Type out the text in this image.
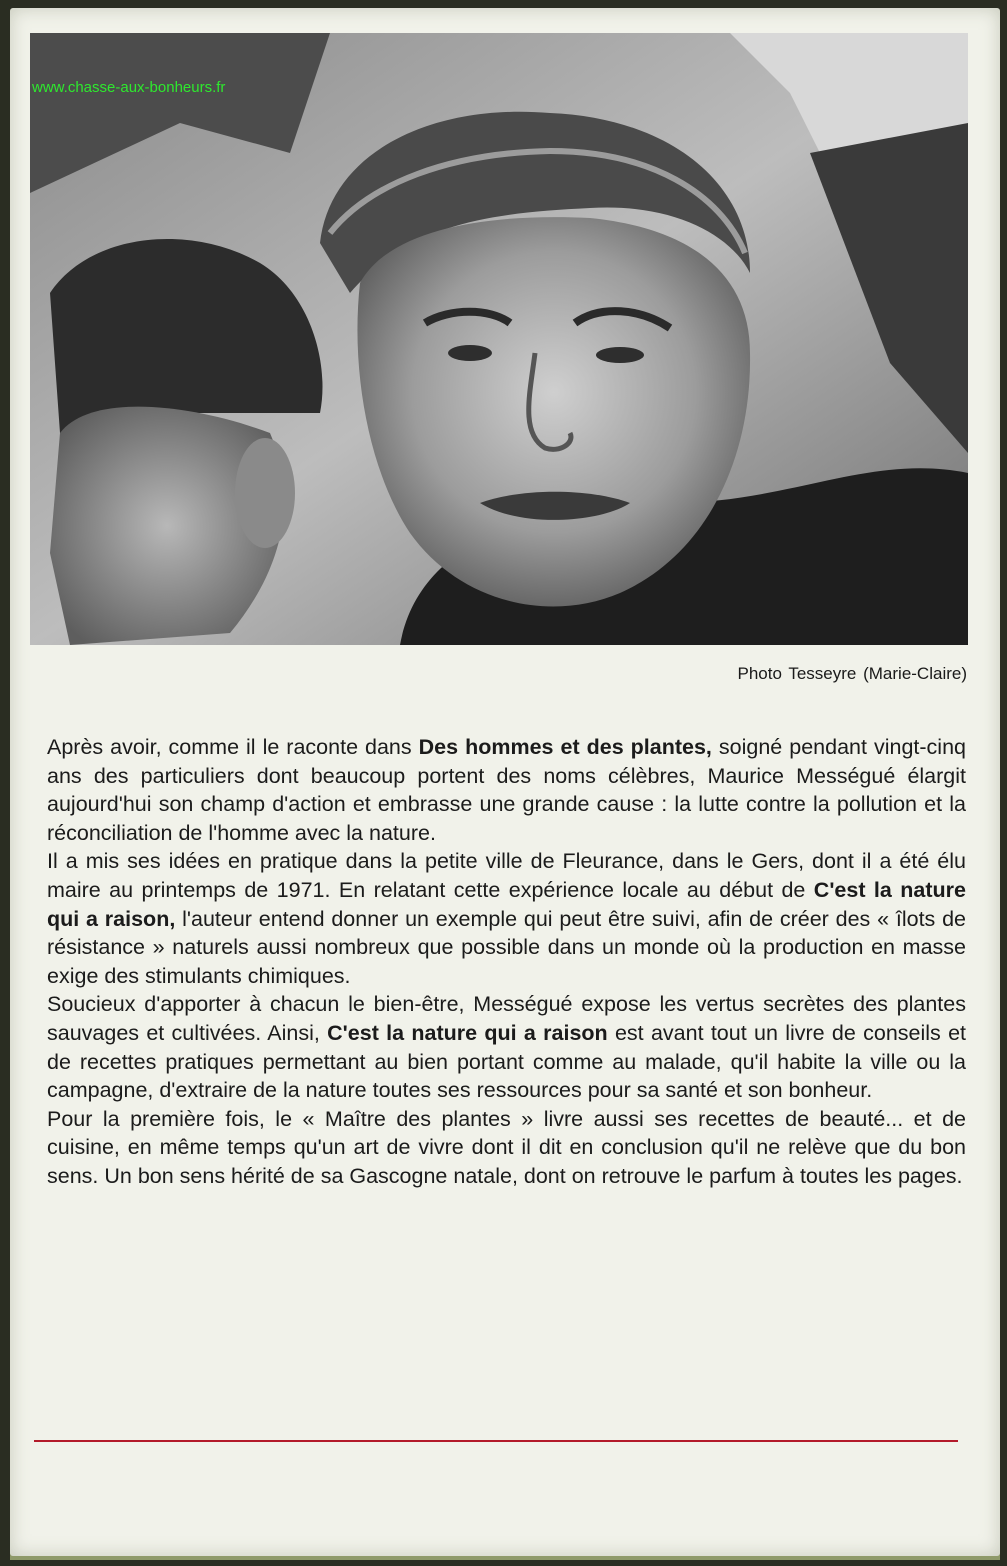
www.chasse-aux-bonheurs.fr
Photo Tesseyre (Marie-Claire)

Après avoir, comme il le raconte dans Des hommes et des plantes, soigné pendant vingt-cinq ans des particuliers dont beaucoup portent des noms célèbres, Maurice Mességué élargit aujourd'hui son champ d'action et embrasse une grande cause : la lutte contre la pollution et la réconciliation de l'homme avec la nature.

Il a mis ses idées en pratique dans la petite ville de Fleurance, dans le Gers, dont il a été élu maire au printemps de 1971. En relatant cette expérience locale au début de C'est la nature qui a raison, l'auteur entend donner un exemple qui peut être suivi, afin de créer des « îlots de résistance » naturels aussi nombreux que possible dans un monde où la production en masse exige des stimulants chimiques.

Soucieux d'apporter à chacun le bien-être, Mességué expose les vertus secrètes des plantes sauvages et cultivées. Ainsi, C'est la nature qui a raison est avant tout un livre de conseils et de recettes pratiques permettant au bien portant comme au malade, qu'il habite la ville ou la campagne, d'extraire de la nature toutes ses ressources pour sa santé et son bonheur.

Pour la première fois, le « Maître des plantes » livre aussi ses recettes de beauté... et de cuisine, en même temps qu'un art de vivre dont il dit en conclusion qu'il ne relève que du bon sens. Un bon sens hérité de sa Gascogne natale, dont on retrouve le parfum à toutes les pages.
